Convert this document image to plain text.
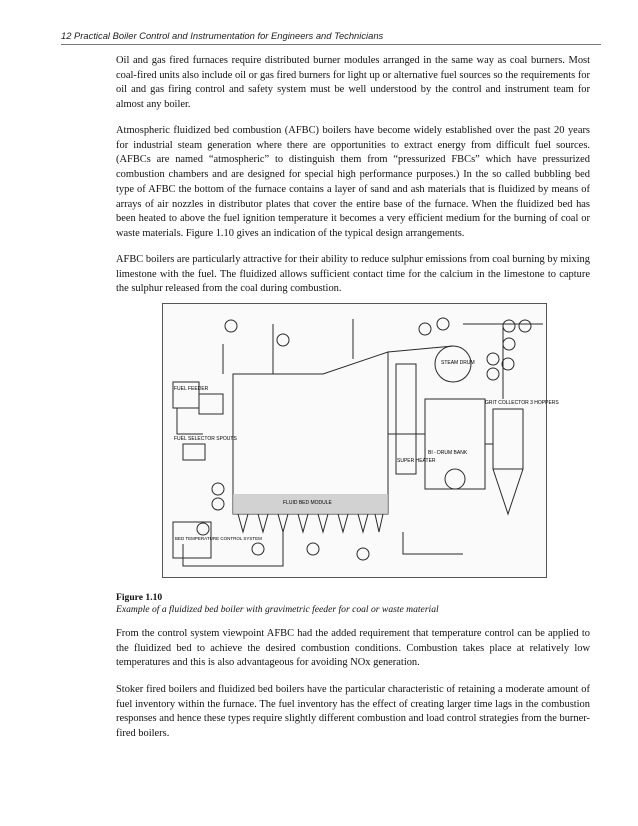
12 Practical Boiler Control and Instrumentation for Engineers and Technicians

Oil and gas fired furnaces require distributed burner modules arranged in the same way as coal burners. Most coal-fired units also include oil or gas fired burners for light up or alternative fuel sources so the requirements for oil and gas firing control and safety system must be well understood by the control and instrument team for almost any boiler.

Atmospheric fluidized bed combustion (AFBC) boilers have become widely established over the past 20 years for industrial steam generation where there are opportunities to extract energy from difficult fuel sources. (AFBCs are named “atmospheric” to distinguish them from “pressurized FBCs” which have pressurized combustion chambers and are designed for special high performance purposes.) In the so called bubbling bed type of AFBC the bottom of the furnace contains a layer of sand and ash materials that is fluidized by means of arrays of air nozzles in distributor plates that cover the entire base of the furnace. When the fluidized bed has been heated to above the fuel ignition temperature it becomes a very efficient medium for the burning of coal or waste materials. Figure 1.10 gives an indication of the typical design arrangements.

AFBC boilers are particularly attractive for their ability to reduce sulphur emissions from coal burning by mixing limestone with the fuel. The fluidized allows sufficient contact time for the calcium in the limestone to capture the sulphur released from the coal during combustion.

FUEL FEEDER
FUEL SELECTOR SPOUTS
FLUID BED MODULE
STEAM DRUM
SUPER HEATER
BI - DRUM BANK
GRIT COLLECTOR 3 HOPPERS
BED TEMPERATURE CONTROL SYSTEM
Figure 1.10
Example of a fluidized bed boiler with gravimetric feeder for coal or waste material

From the control system viewpoint AFBC had the added requirement that temperature control can be applied to the fluidized bed to achieve the desired combustion conditions. Combustion takes place at relatively low temperatures and this is also advantageous for avoiding NOx generation.

Stoker fired boilers and fluidized bed boilers have the particular characteristic of retaining a moderate amount of fuel inventory within the furnace. The fuel inventory has the effect of creating larger time lags in the combustion responses and hence these types require slightly different combustion and load control strategies from the burner-fired boilers.
